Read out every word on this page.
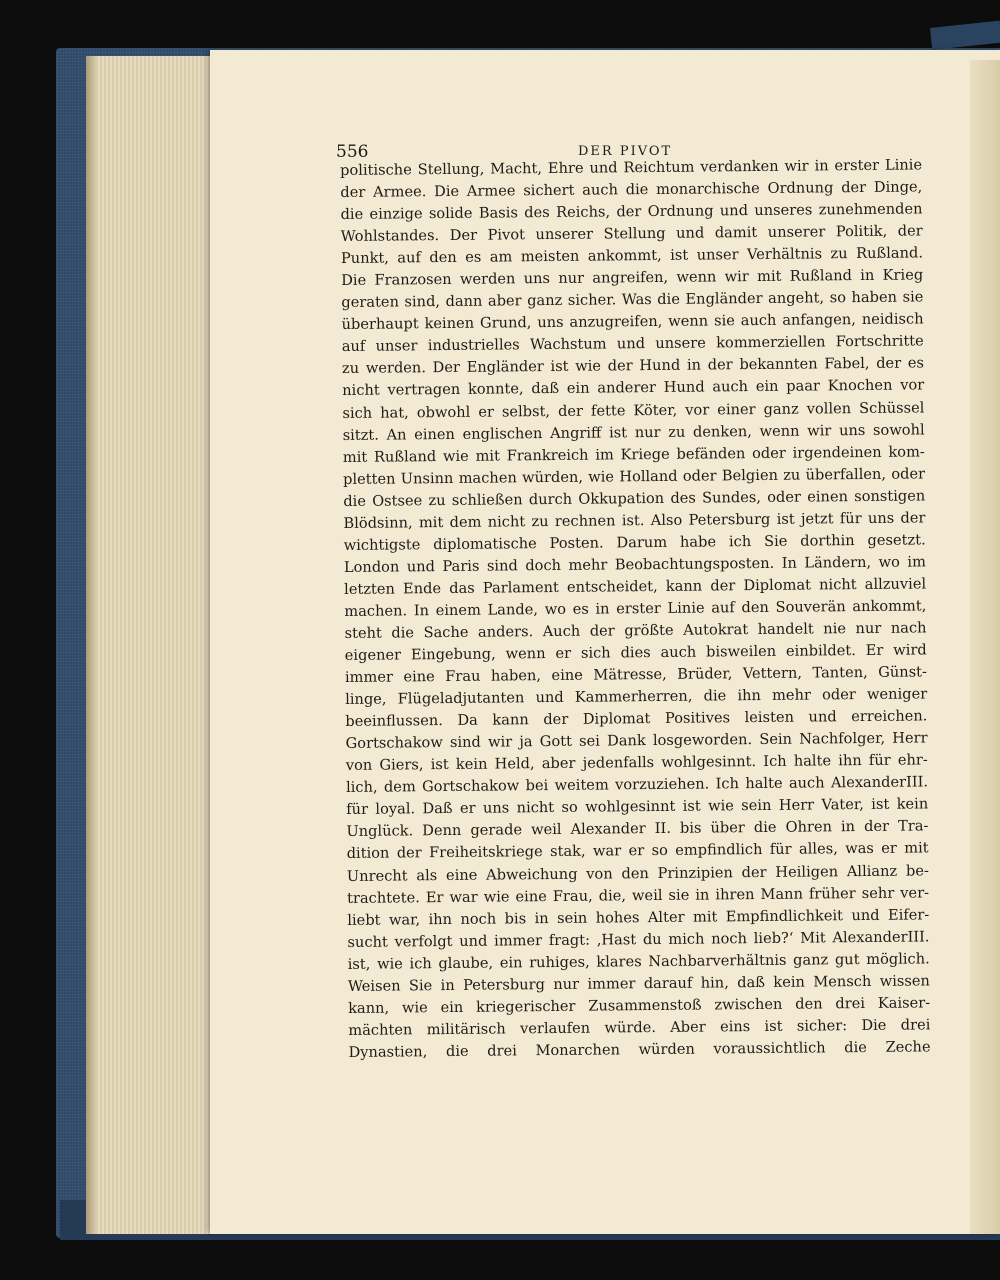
556	DER PIVOT
politische Stellung, Macht, Ehre und Reichtum verdanken wir in erster Linie
der Armee. Die Armee sichert auch die monarchische Ordnung der Dinge,
die einzige solide Basis des Reichs, der Ordnung und unseres zunehmenden
Wohlstandes. Der Pivot unserer Stellung und damit unserer Politik, der
Punkt, auf den es am meisten ankommt, ist unser Verhältnis zu Rußland.
Die Franzosen werden uns nur angreifen, wenn wir mit Rußland in Krieg
geraten sind, dann aber ganz sicher. Was die Engländer angeht, so haben sie
überhaupt keinen Grund, uns anzugreifen, wenn sie auch anfangen, neidisch
auf unser industrielles Wachstum und unsere kommerziellen Fortschritte
zu werden. Der Engländer ist wie der Hund in der bekannten Fabel, der es
nicht vertragen konnte, daß ein anderer Hund auch ein paar Knochen vor
sich hat, obwohl er selbst, der fette Köter, vor einer ganz vollen Schüssel
sitzt. An einen englischen Angriff ist nur zu denken, wenn wir uns sowohl
mit Rußland wie mit Frankreich im Kriege befänden oder irgendeinen kom-
pletten Unsinn machen würden, wie Holland oder Belgien zu überfallen, oder
die Ostsee zu schließen durch Okkupation des Sundes, oder einen sonstigen
Blödsinn, mit dem nicht zu rechnen ist. Also Petersburg ist jetzt für uns der
wichtigste diplomatische Posten. Darum habe ich Sie dorthin gesetzt.
London und Paris sind doch mehr Beobachtungsposten. In Ländern, wo im
letzten Ende das Parlament entscheidet, kann der Diplomat nicht allzuviel
machen. In einem Lande, wo es in erster Linie auf den Souverän ankommt,
steht die Sache anders. Auch der größte Autokrat handelt nie nur nach
eigener Eingebung, wenn er sich dies auch bisweilen einbildet. Er wird
immer eine Frau haben, eine Mätresse, Brüder, Vettern, Tanten, Günst-
linge, Flügeladjutanten und Kammerherren, die ihn mehr oder weniger
beeinflussen. Da kann der Diplomat Positives leisten und erreichen.
Gortschakow sind wir ja Gott sei Dank losgeworden. Sein Nachfolger, Herr
von Giers, ist kein Held, aber jedenfalls wohlgesinnt. Ich halte ihn für ehr-
lich, dem Gortschakow bei weitem vorzuziehen. Ich halte auch AlexanderIII.
für loyal. Daß er uns nicht so wohlgesinnt ist wie sein Herr Vater, ist kein
Unglück. Denn gerade weil Alexander II. bis über die Ohren in der Tra-
dition der Freiheitskriege stak, war er so empfindlich für alles, was er mit
Unrecht als eine Abweichung von den Prinzipien der Heiligen Allianz be-
trachtete. Er war wie eine Frau, die, weil sie in ihren Mann früher sehr ver-
liebt war, ihn noch bis in sein hohes Alter mit Empfindlichkeit und Eifer-
sucht verfolgt und immer fragt: ‚Hast du mich noch lieb?‘ Mit AlexanderIII.
ist, wie ich glaube, ein ruhiges, klares Nachbarverhältnis ganz gut möglich.
Weisen Sie in Petersburg nur immer darauf hin, daß kein Mensch wissen
kann, wie ein kriegerischer Zusammenstoß zwischen den drei Kaiser-
mächten militärisch verlaufen würde. Aber eins ist sicher: Die drei
Dynastien, die drei Monarchen würden voraussichtlich die Zeche
